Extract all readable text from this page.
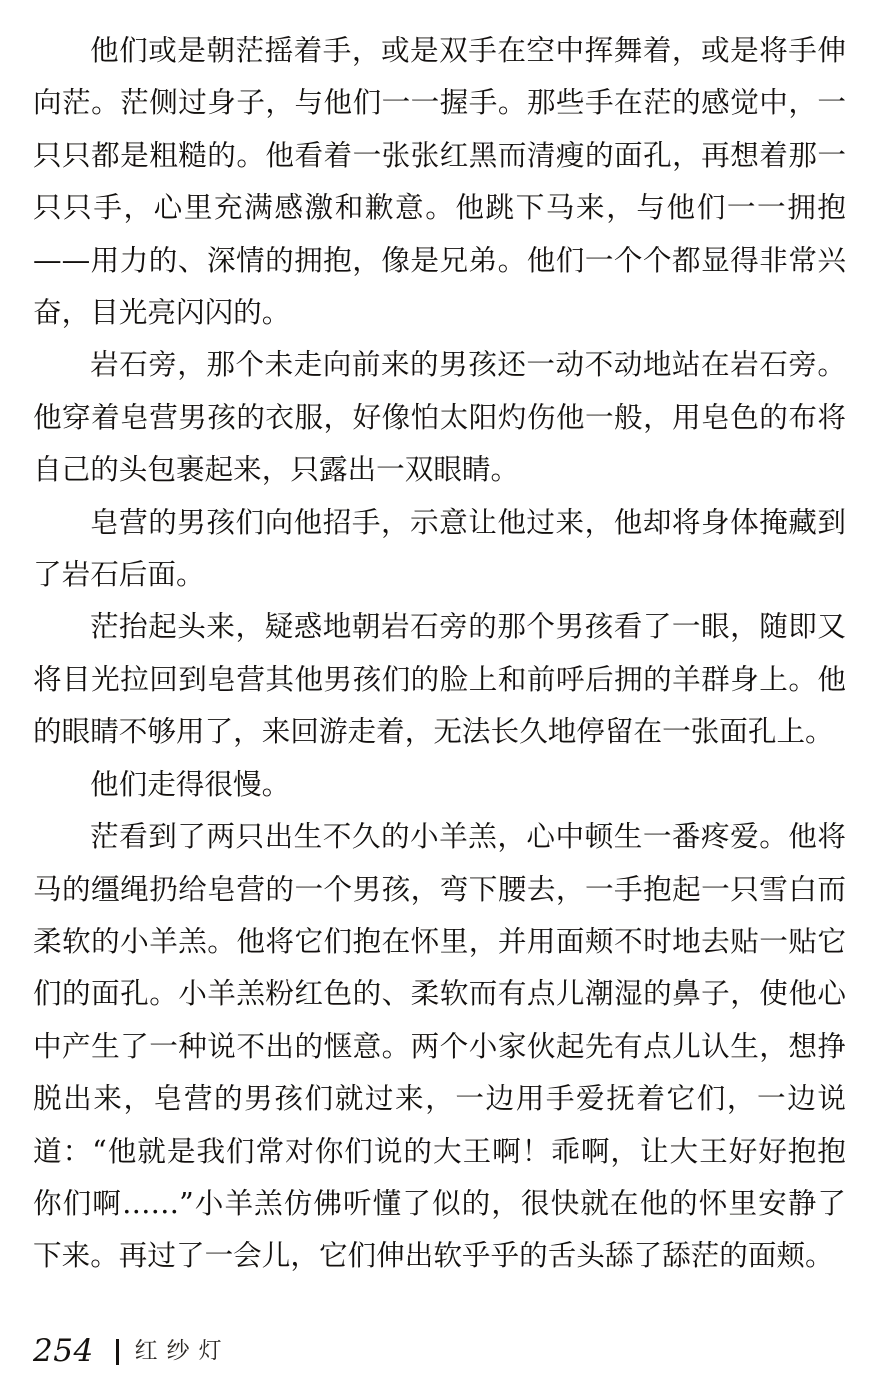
他们或是朝茫摇着手，或是双手在空中挥舞着，或是将手伸向茫。茫侧过身子，与他们一一握手。那些手在茫的感觉中，一只只都是粗糙的。他看着一张张红黑而清瘦的面孔，再想着那一只只手，心里充满感激和歉意。他跳下马来，与他们一一拥抱——用力的、深情的拥抱，像是兄弟。他们一个个都显得非常兴奋，目光亮闪闪的。

岩石旁，那个未走向前来的男孩还一动不动地站在岩石旁。他穿着皂营男孩的衣服，好像怕太阳灼伤他一般，用皂色的布将自己的头包裹起来，只露出一双眼睛。

皂营的男孩们向他招手，示意让他过来，他却将身体掩藏到了岩石后面。

茫抬起头来，疑惑地朝岩石旁的那个男孩看了一眼，随即又将目光拉回到皂营其他男孩们的脸上和前呼后拥的羊群身上。他的眼睛不够用了，来回游走着，无法长久地停留在一张面孔上。

他们走得很慢。

茫看到了两只出生不久的小羊羔，心中顿生一番疼爱。他将马的缰绳扔给皂营的一个男孩，弯下腰去，一手抱起一只雪白而柔软的小羊羔。他将它们抱在怀里，并用面颊不时地去贴一贴它们的面孔。小羊羔粉红色的、柔软而有点儿潮湿的鼻子，使他心中产生了一种说不出的惬意。两个小家伙起先有点儿认生，想挣脱出来，皂营的男孩们就过来，一边用手爱抚着它们，一边说道：“他就是我们常对你们说的大王啊！乖啊，让大王好好抱抱你们啊……”小羊羔仿佛听懂了似的，很快就在他的怀里安静了下来。再过了一会儿，它们伸出软乎乎的舌头舔了舔茫的面颊。

254 红纱灯
